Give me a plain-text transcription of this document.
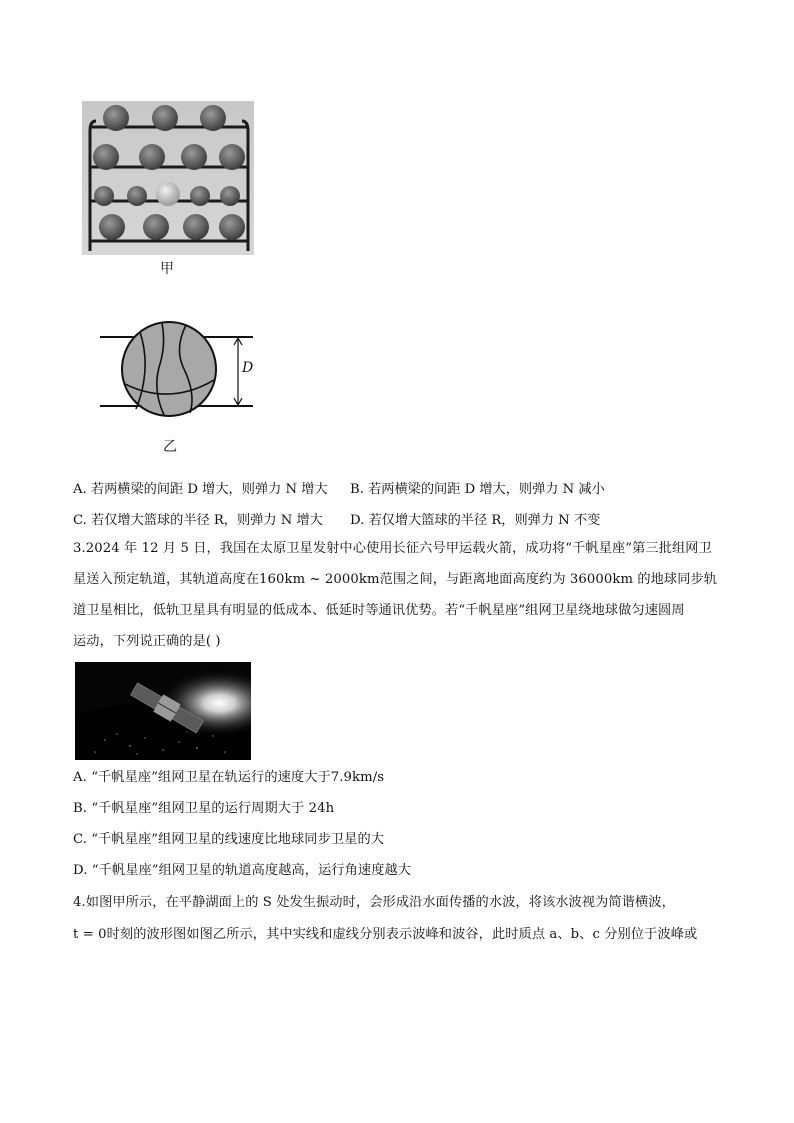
甲
D
乙
A. 若两横梁的间距 D 增大，则弹力 N 增大 B. 若两横梁的间距 D 增大，则弹力 N 减小
C. 若仅增大篮球的半径 R，则弹力 N 增大 D. 若仅增大篮球的半径 R，则弹力 N 不变
3.2024 年 12 月 5 日，我国在太原卫星发射中心使用长征六号甲运载火箭，成功将“千帆星座”第三批组网卫
星送入预定轨道，其轨道高度在160km ~ 2000km范围之间，与距离地面高度约为 36000km 的地球同步轨
道卫星相比，低轨卫星具有明显的低成本、低延时等通讯优势。若“千帆星座”组网卫星绕地球做匀速圆周
运动，下列说正确的是( )
A. “千帆星座”组网卫星在轨运行的速度大于7.9km/s
B. “千帆星座”组网卫星的运行周期大于 24h
C. “千帆星座”组网卫星的线速度比地球同步卫星的大
D. “千帆星座”组网卫星的轨道高度越高，运行角速度越大
4.如图甲所示，在平静湖面上的 S 处发生振动时，会形成沿水面传播的水波，将该水波视为简谐横波，
t = 0时刻的波形图如图乙所示，其中实线和虚线分别表示波峰和波谷，此时质点 a、b、c 分别位于波峰或
